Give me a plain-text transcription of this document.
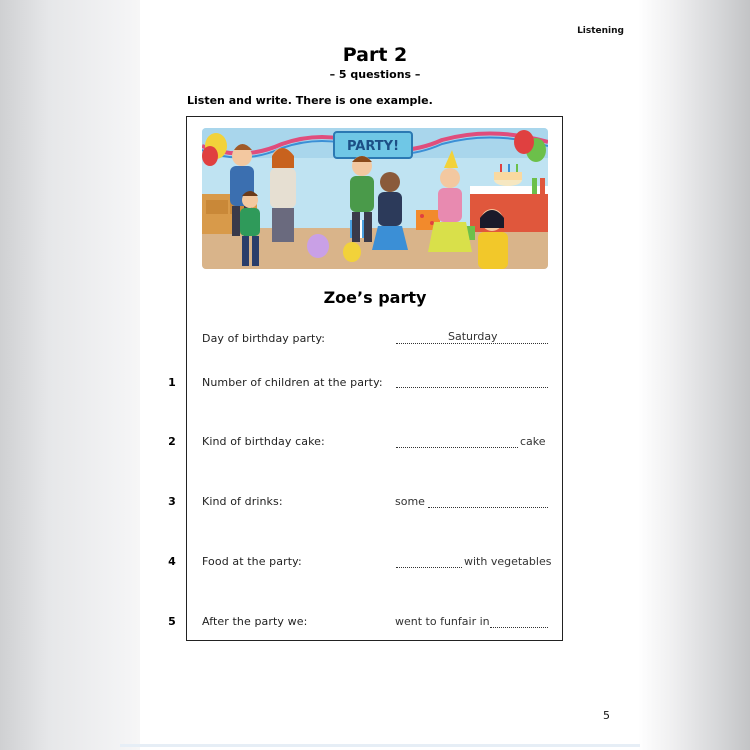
Listening
Part 2
– 5 questions –
Listen and write. There is one example.
PARTY!
Zoe’s party
Day of birthday party:	Saturday
1 Number of children at the party:
2 Kind of birthday cake:	cake
3 Kind of drinks:	some
4 Food at the party:	with vegetables
5 After the party we:	went to funfair in
5
